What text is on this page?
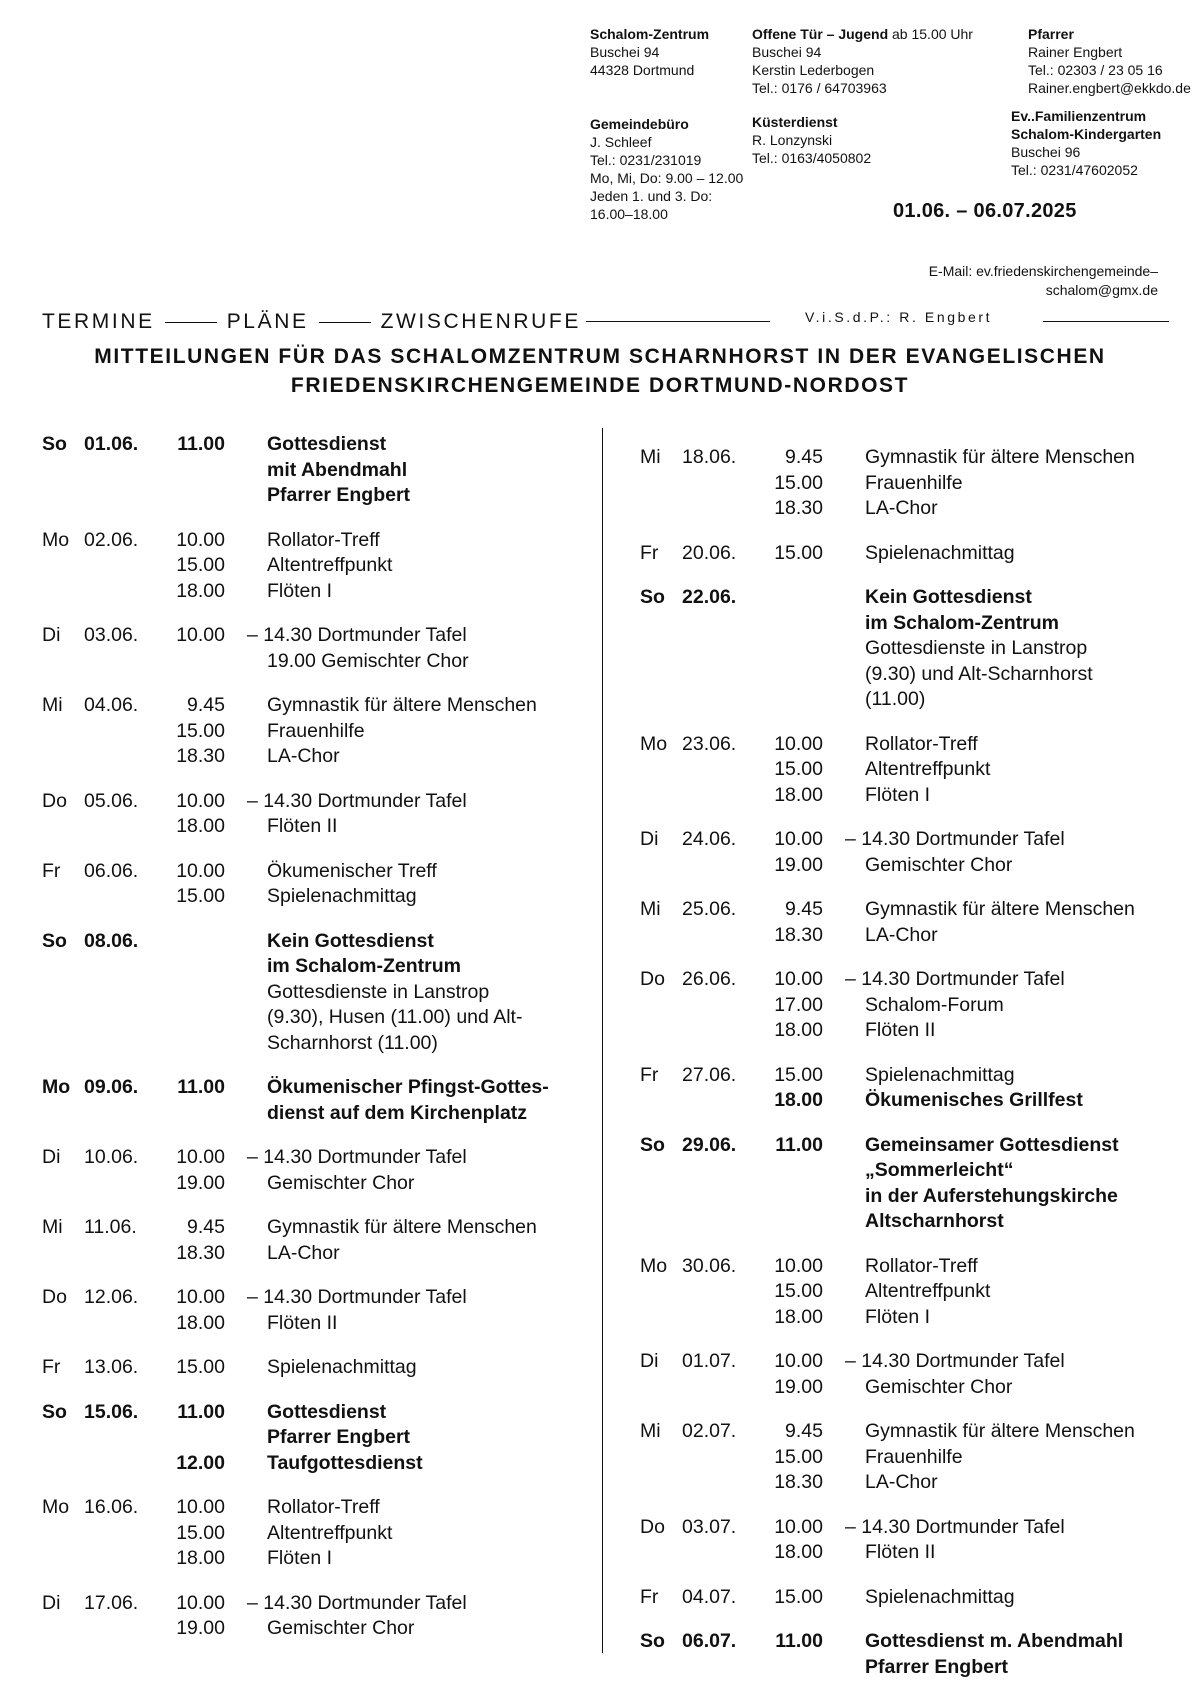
Schalom-Zentrum
Buschei 94
44328 Dortmund
Offene Tür – Jugend ab 15.00 Uhr
Buschei 94
Kerstin Lederbogen
Tel.: 0176 / 64703963
Pfarrer
Rainer Engbert
Tel.: 02303 / 23 05 16
Rainer.engbert@ekkdo.de
Gemeindebüro
J. Schleef
Tel.: 0231/231019
Mo, Mi, Do: 9.00 – 12.00
Jeden 1. und 3. Do:
16.00–18.00
Küsterdienst
R. Lonzynski
Tel.: 0163/4050802
Ev..Familienzentrum
Schalom-Kindergarten
Buschei 96
Tel.: 0231/47602052
01.06. – 06.07.2025
E-Mail: ev.friedenskirchengemeinde–
schalom@gmx.de
TERMINE	PLÄNE	ZWISCHENRUFE	V.i.S.d.P.: R. Engbert
MITTEILUNGEN FÜR DAS SCHALOMZENTRUM SCHARNHORST IN DER EVANGELISCHEN
FRIEDENSKIRCHENGEMEINDE DORTMUND-NORDOST
So 01.06.	11.00 Gottesdienst
mit Abendmahl
Pfarrer Engbert
Mo 02.06.	10.00 Rollator-Treff
15.00 Altentreffpunkt
18.00 Flöten I
Di 03.06.	10.00 – 14.30 Dortmunder Tafel
19.00 Gemischter Chor
Mi 04.06.	9.45 Gymnastik für ältere Menschen
15.00 Frauenhilfe
18.30 LA-Chor
Do 05.06.	10.00 – 14.30 Dortmunder Tafel
18.00 Flöten II
Fr 06.06.	10.00 Ökumenischer Treff
15.00 Spielenachmittag
So 08.06.	Kein Gottesdienst
im Schalom-Zentrum
Gottesdienste in Lanstrop
(9.30), Husen (11.00) und Alt-
Scharnhorst (11.00)
Mo 09.06.	11.00 Ökumenischer Pfingst-Gottes-
dienst auf dem Kirchenplatz
Di 10.06.	10.00 – 14.30 Dortmunder Tafel
19.00 Gemischter Chor
Mi 11.06.	9.45 Gymnastik für ältere Menschen
18.30 LA-Chor
Do 12.06.	10.00 – 14.30 Dortmunder Tafel
18.00 Flöten II
Fr 13.06.	15.00 Spielenachmittag
So 15.06.	11.00 Gottesdienst
Pfarrer Engbert
12.00 Taufgottesdienst
Mo 16.06.	10.00 Rollator-Treff
15.00 Altentreffpunkt
18.00 Flöten I
Di 17.06.	10.00 – 14.30 Dortmunder Tafel
19.00 Gemischter Chor
Mi 18.06.	9.45 Gymnastik für ältere Menschen
15.00 Frauenhilfe
18.30 LA-Chor
Fr 20.06.	15.00 Spielenachmittag
So 22.06.	Kein Gottesdienst
im Schalom-Zentrum
Gottesdienste in Lanstrop
(9.30) und Alt-Scharnhorst
(11.00)
Mo 23.06.	10.00 Rollator-Treff
15.00 Altentreffpunkt
18.00 Flöten I
Di 24.06.	10.00 – 14.30 Dortmunder Tafel
19.00 Gemischter Chor
Mi 25.06.	9.45 Gymnastik für ältere Menschen
18.30 LA-Chor
Do 26.06.	10.00 – 14.30 Dortmunder Tafel
17.00 Schalom-Forum
18.00 Flöten II
Fr 27.06.	15.00 Spielenachmittag
18.00 Ökumenisches Grillfest
So 29.06.	11.00 Gemeinsamer Gottesdienst
„Sommerleicht“
in der Auferstehungskirche
Altscharnhorst
Mo 30.06.	10.00 Rollator-Treff
15.00 Altentreffpunkt
18.00 Flöten I
Di 01.07.	10.00 – 14.30 Dortmunder Tafel
19.00 Gemischter Chor
Mi 02.07.	9.45 Gymnastik für ältere Menschen
15.00 Frauenhilfe
18.30 LA-Chor
Do 03.07.	10.00 – 14.30 Dortmunder Tafel
18.00 Flöten II
Fr 04.07.	15.00 Spielenachmittag
So 06.07.	11.00 Gottesdienst m. Abendmahl
Pfarrer Engbert
